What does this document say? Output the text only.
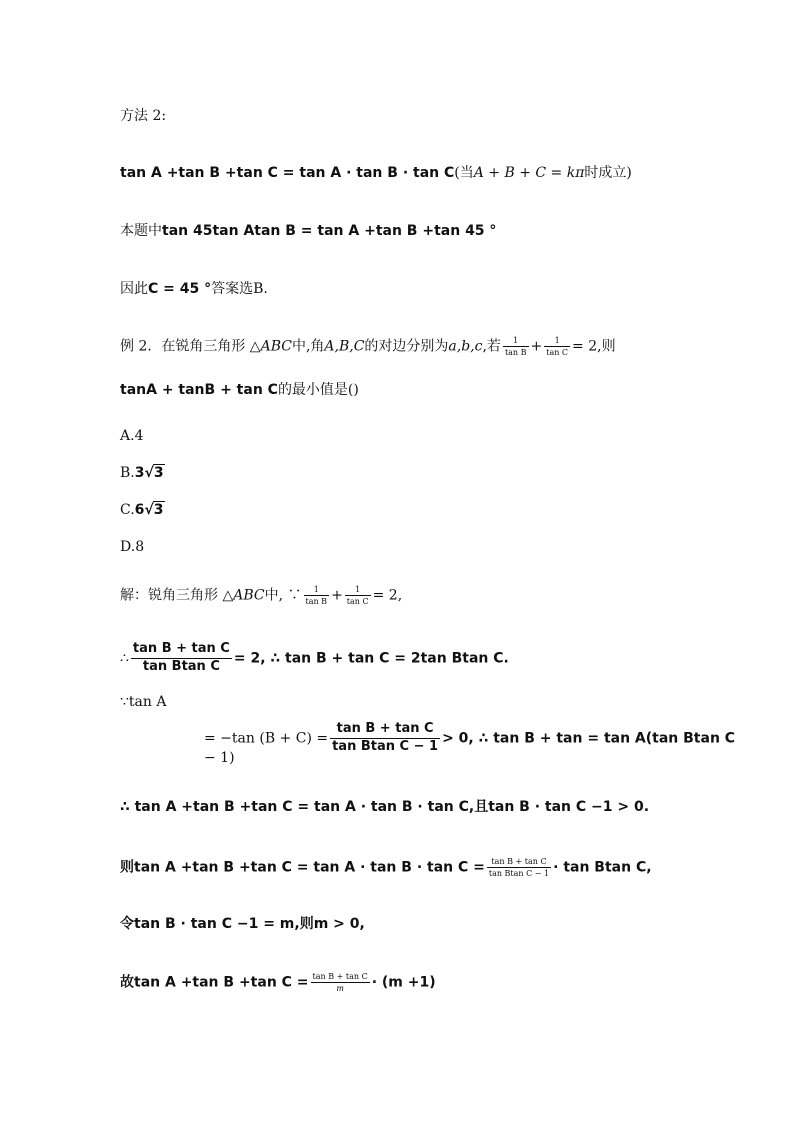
方法 2:
tan A +tan B +tan C = tan A · tan B · tan C(当A + B + C = kπ时成立)
本题中tan 45tan Atan B = tan A +tan B +tan 45 °
因此C = 45 °答案选B.
例 2．在锐角三角形 △ABC中,角A,B,C的对边分别为a,b,c,若 $\frac{1}{\text{tan B}} + \frac{1}{\text{tan C}} = 2$,则
tanA + tanB + tan C的最小值是()
A.4
B.3√3
C.6√3
D.8
解：锐角三角形 △ABC中, ∵ $\frac{1}{\text{tan B}} + \frac{1}{\text{tan C}} = 2$,
∴ $\frac{\text{tan B + tan C}}{\text{tan Btan C}} = 2$, ∴ tan B + tan C = 2tan Btan C.
∵tan A
= −tan $(B + C) = \frac{\text{tan B + tan C}}{\text{tan Btan C − 1}} > 0$, ∴ tan B + tan = tan A(tan Btan C
− 1)
∴ tan A +tan B +tan C = tan A · tan B · tan C,且tan B · tan C −1 > 0.
则tan A +tan B +tan $C = \tan A \cdot \tan B \cdot \tan C = \frac{\text{tan B + tan C}}{\text{tan Btan C − 1}} \cdot \tan Btan$ C,
令tan B · tan C −1 = m,则m > 0,
故tan A +tan B +tan $C = \frac{\text{tan B + tan C}}{m} \cdot (m +1)$
